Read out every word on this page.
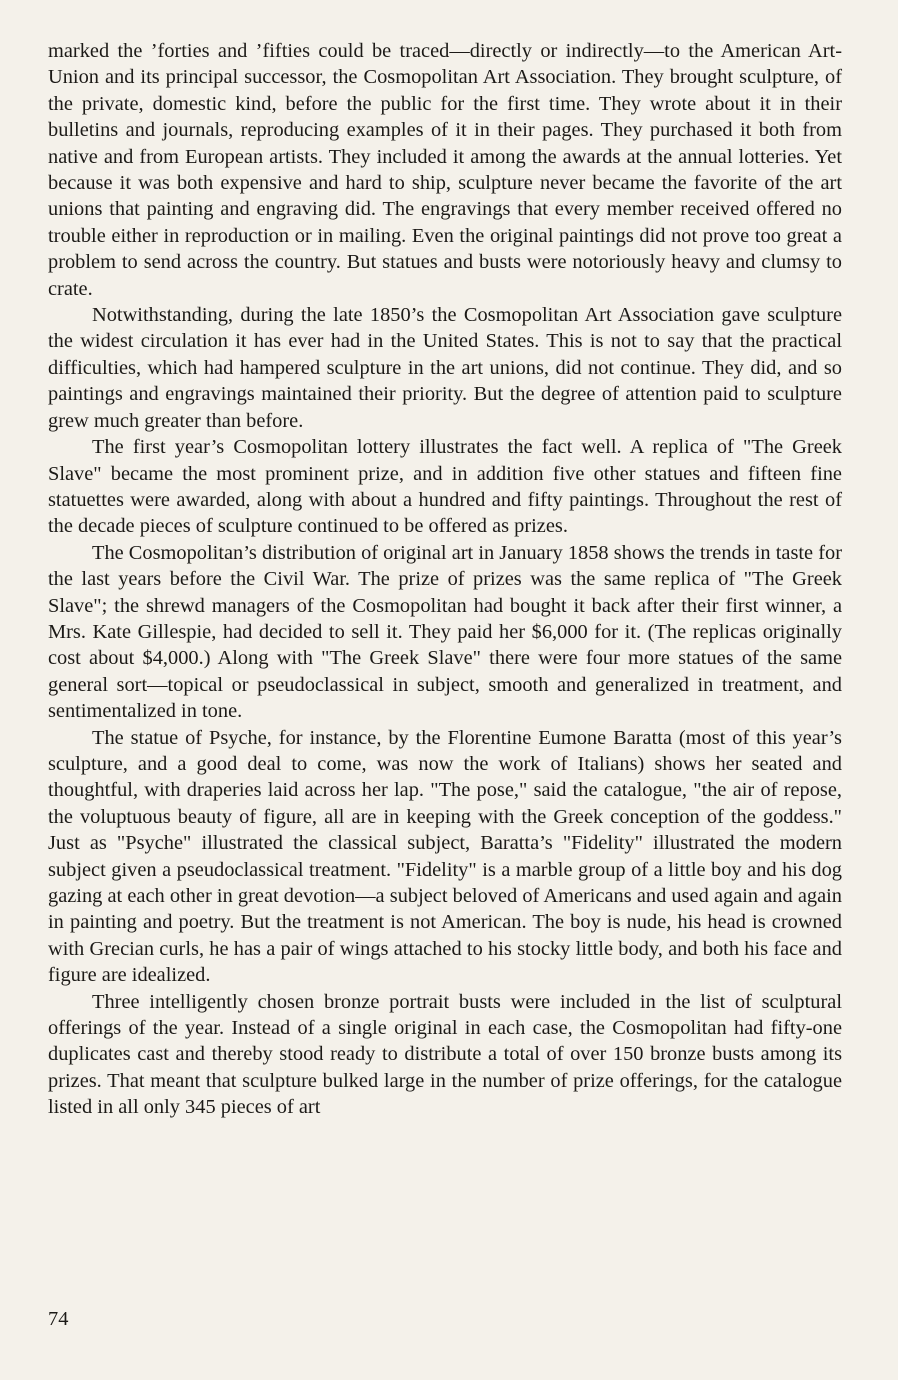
marked the ’forties and ’fifties could be traced—directly or indirectly—to the American Art-Union and its principal successor, the Cosmopolitan Art Association. They brought sculpture, of the private, domestic kind, before the public for the first time. They wrote about it in their bulletins and journals, reproducing examples of it in their pages. They purchased it both from native and from European artists. They included it among the awards at the annual lotteries. Yet because it was both expensive and hard to ship, sculpture never became the favorite of the art unions that painting and engraving did. The engravings that every member received offered no trouble either in reproduction or in mailing. Even the original paintings did not prove too great a problem to send across the country. But statues and busts were notoriously heavy and clumsy to crate.

Notwithstanding, during the late 1850’s the Cosmopolitan Art Association gave sculpture the widest circulation it has ever had in the United States. This is not to say that the practical difficulties, which had hampered sculpture in the art unions, did not continue. They did, and so paintings and engravings maintained their priority. But the degree of attention paid to sculpture grew much greater than before.

The first year’s Cosmopolitan lottery illustrates the fact well. A replica of "The Greek Slave" became the most prominent prize, and in addition five other statues and fifteen fine statuettes were awarded, along with about a hundred and fifty paintings. Throughout the rest of the decade pieces of sculpture continued to be offered as prizes.

The Cosmopolitan’s distribution of original art in January 1858 shows the trends in taste for the last years before the Civil War. The prize of prizes was the same replica of "The Greek Slave"; the shrewd managers of the Cosmopolitan had bought it back after their first winner, a Mrs. Kate Gillespie, had decided to sell it. They paid her $6,000 for it. (The replicas originally cost about $4,000.) Along with "The Greek Slave" there were four more statues of the same general sort—topical or pseudoclassical in subject, smooth and generalized in treatment, and sentimentalized in tone.

The statue of Psyche, for instance, by the Florentine Eumone Baratta (most of this year’s sculpture, and a good deal to come, was now the work of Italians) shows her seated and thoughtful, with draperies laid across her lap. "The pose," said the catalogue, "the air of repose, the voluptuous beauty of figure, all are in keeping with the Greek conception of the goddess." Just as "Psyche" illustrated the classical subject, Baratta’s "Fidelity" illustrated the modern subject given a pseudoclassical treatment. "Fidelity" is a marble group of a little boy and his dog gazing at each other in great devotion—a subject beloved of Americans and used again and again in painting and poetry. But the treatment is not American. The boy is nude, his head is crowned with Grecian curls, he has a pair of wings attached to his stocky little body, and both his face and figure are idealized.

Three intelligently chosen bronze portrait busts were included in the list of sculptural offerings of the year. Instead of a single original in each case, the Cosmopolitan had fifty-one duplicates cast and thereby stood ready to distribute a total of over 150 bronze busts among its prizes. That meant that sculpture bulked large in the number of prize offerings, for the catalogue listed in all only 345 pieces of art

74
